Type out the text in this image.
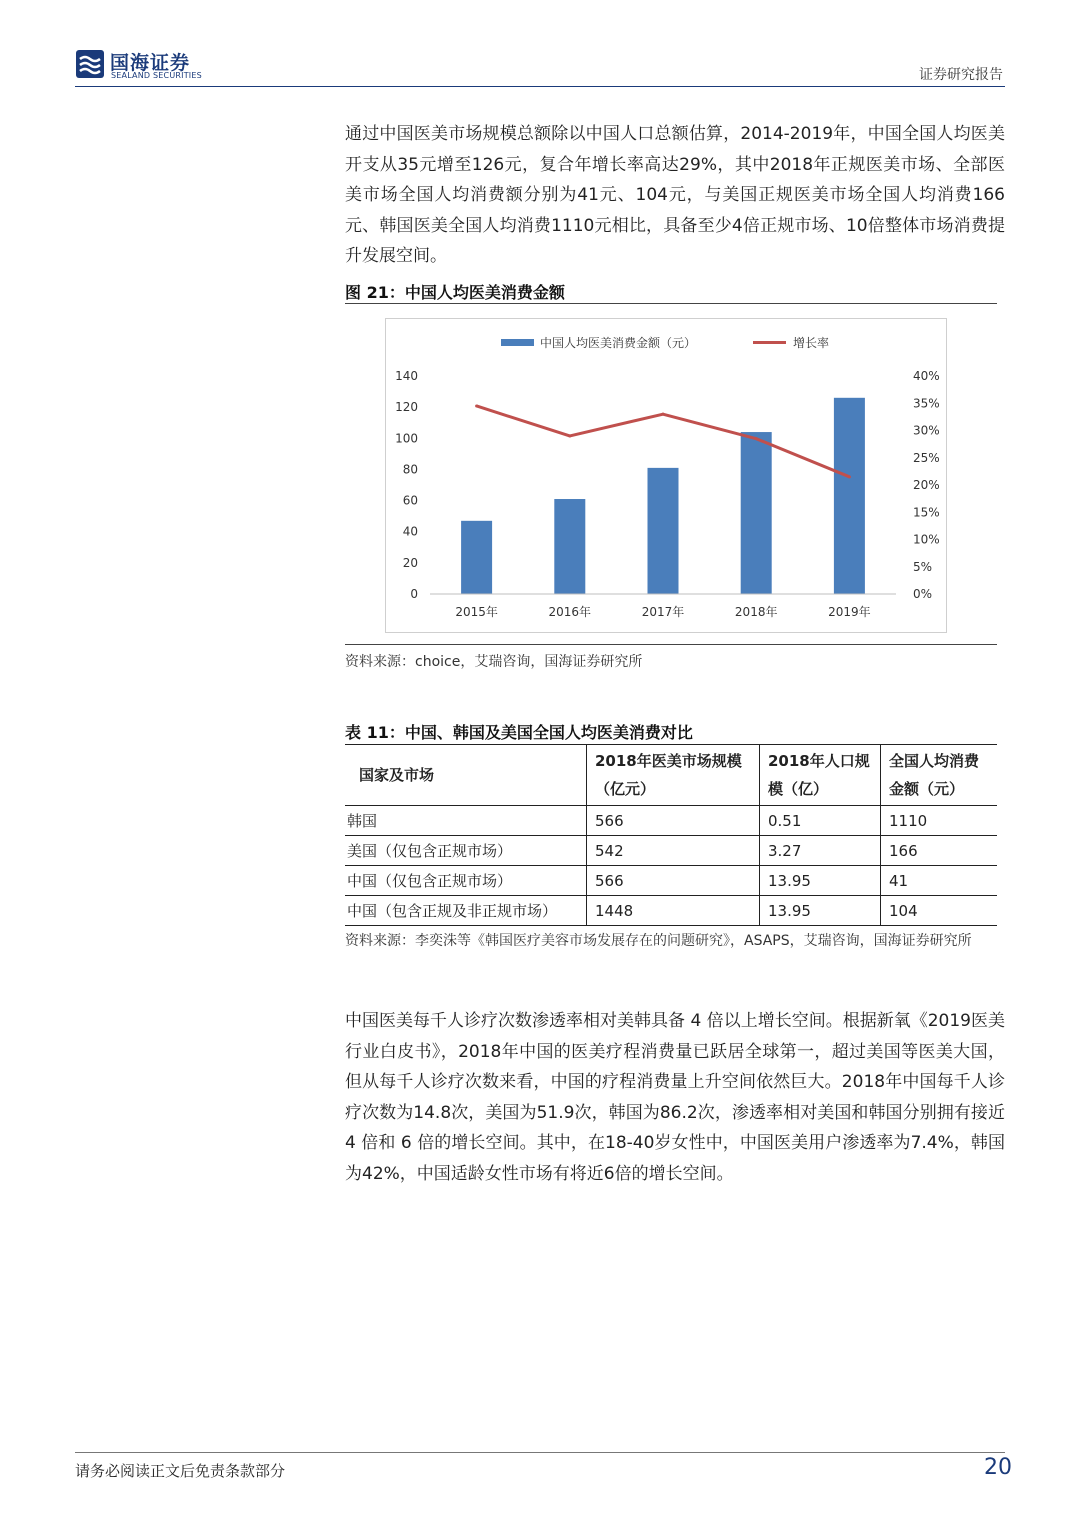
国海证券
SEALAND SECURITIES	证券研究报告
通过中国医美市场规模总额除以中国人口总额估算，2014-2019年，中国全国人均医美开支从35元增至126元，复合年增长率高达29%，其中2018年正规医美市场、全部医美市场全国人均消费额分别为41元、104元，与美国正规医美市场全国人均消费166元、韩国医美全国人均消费1110元相比，具备至少4倍正规市场、10倍整体市场消费提升发展空间。
图 21：中国人均医美消费金额
中国人均医美消费金额（元）	增长率
0
20
40
60
80
100
120
140
0%
5%
10%
15%
20%
25%
30%
35%
40%
2015年	2016年	2017年	2018年	2019年
资料来源：choice，艾瑞咨询，国海证券研究所
表 11：中国、韩国及美国全国人均医美消费对比
国家及市场	2018年医美市场规模（亿元）	2018年人口规模（亿）	全国人均消费金额（元）
韩国	566	0.51	1110
美国（仅包含正规市场）	542	3.27	166
中国（仅包含正规市场）	566	13.95	41
中国（包含正规及非正规市场）	1448	13.95	104
资料来源：李奕洙等《韩国医疗美容市场发展存在的问题研究》，ASAPS，艾瑞咨询，国海证券研究所
中国医美每千人诊疗次数渗透率相对美韩具备 4 倍以上增长空间。根据新氧《2019医美行业白皮书》，2018年中国的医美疗程消费量已跃居全球第一，超过美国等医美大国，但从每千人诊疗次数来看，中国的疗程消费量上升空间依然巨大。2018年中国每千人诊疗次数为14.8次，美国为51.9次，韩国为86.2次，渗透率相对美国和韩国分别拥有接近 4 倍和 6 倍的增长空间。其中，在18-40岁女性中，中国医美用户渗透率为7.4%，韩国为42%，中国适龄女性市场有将近6倍的增长空间。
请务必阅读正文后免责条款部分	20
